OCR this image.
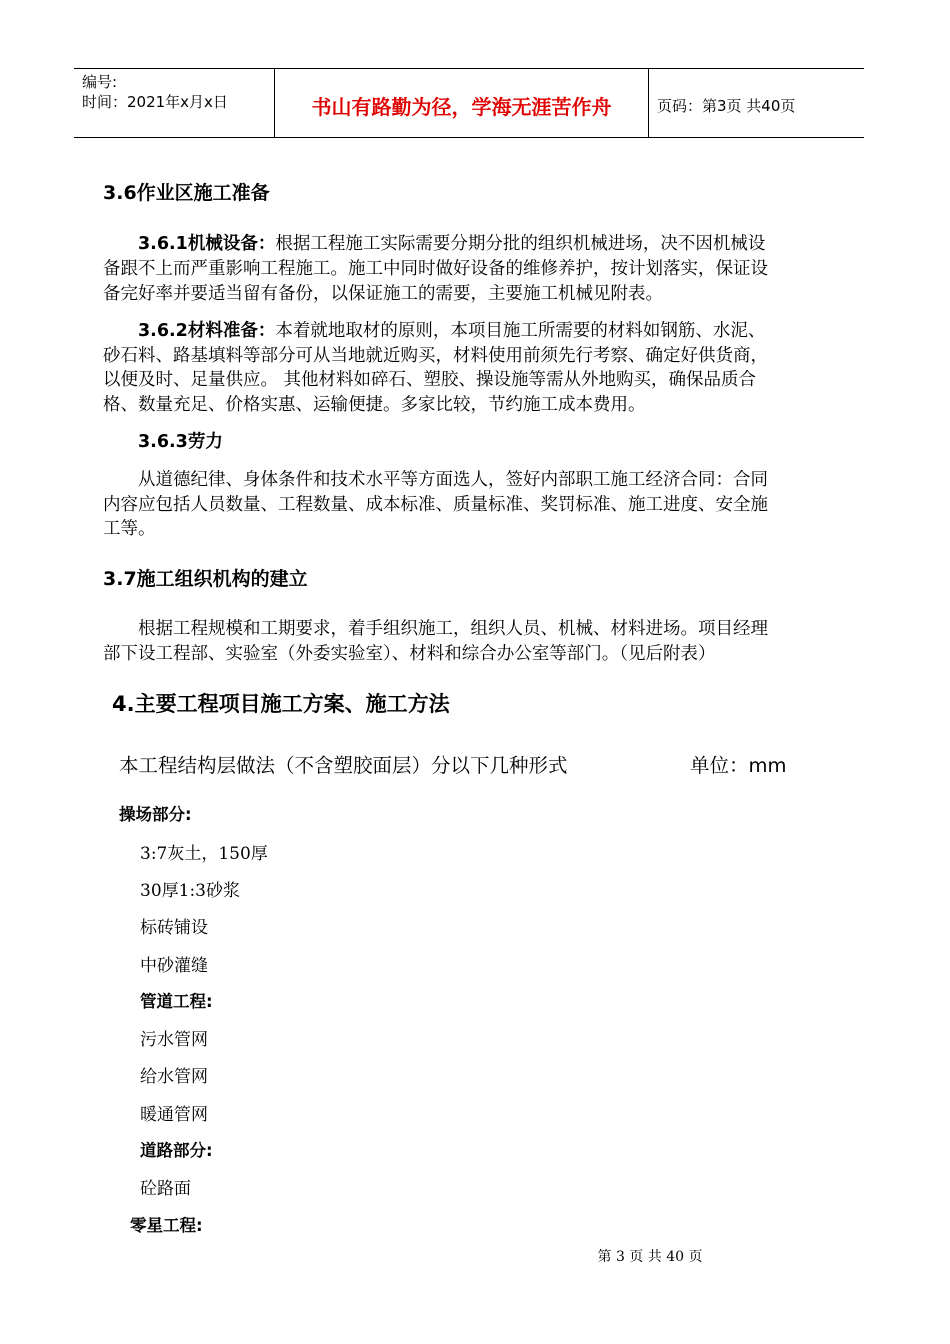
编号:
时间：2021年x月x日	书山有路勤为径，学海无涯苦作舟	页码：第3页 共40页
3.6作业区施工准备
3.6.1机械设备：根据工程施工实际需要分期分批的组织机械进场，决不因机械设
备跟不上而严重影响工程施工。施工中同时做好设备的维修养护，按计划落实，保证设
备完好率并要适当留有备份，以保证施工的需要，主要施工机械见附表。
3.6.2材料准备：本着就地取材的原则，本项目施工所需要的材料如钢筋、水泥、
砂石料、路基填料等部分可从当地就近购买，材料使用前须先行考察、确定好供货商，
以便及时、足量供应。 其他材料如碎石、塑胶、操设施等需从外地购买，确保品质合
格、数量充足、价格实惠、运输便捷。多家比较，节约施工成本费用。
3.6.3劳力
从道德纪律、身体条件和技术水平等方面选人，签好内部职工施工经济合同：合同
内容应包括人员数量、工程数量、成本标准、质量标准、奖罚标准、施工进度、安全施
工等。
3.7施工组织机构的建立
根据工程规模和工期要求，着手组织施工，组织人员、机械、材料进场。项目经理
部下设工程部、实验室（外委实验室）、材料和综合办公室等部门。（见后附表）
4.主要工程项目施工方案、施工方法
本工程结构层做法（不含塑胶面层）分以下几种形式	单位：mm
操场部分:
3:7灰土，150厚
30厚1:3砂浆
标砖铺设
中砂灌缝
管道工程:
污水管网
给水管网
暖通管网
道路部分:
砼路面
零星工程:
第 3 页 共 40 页
